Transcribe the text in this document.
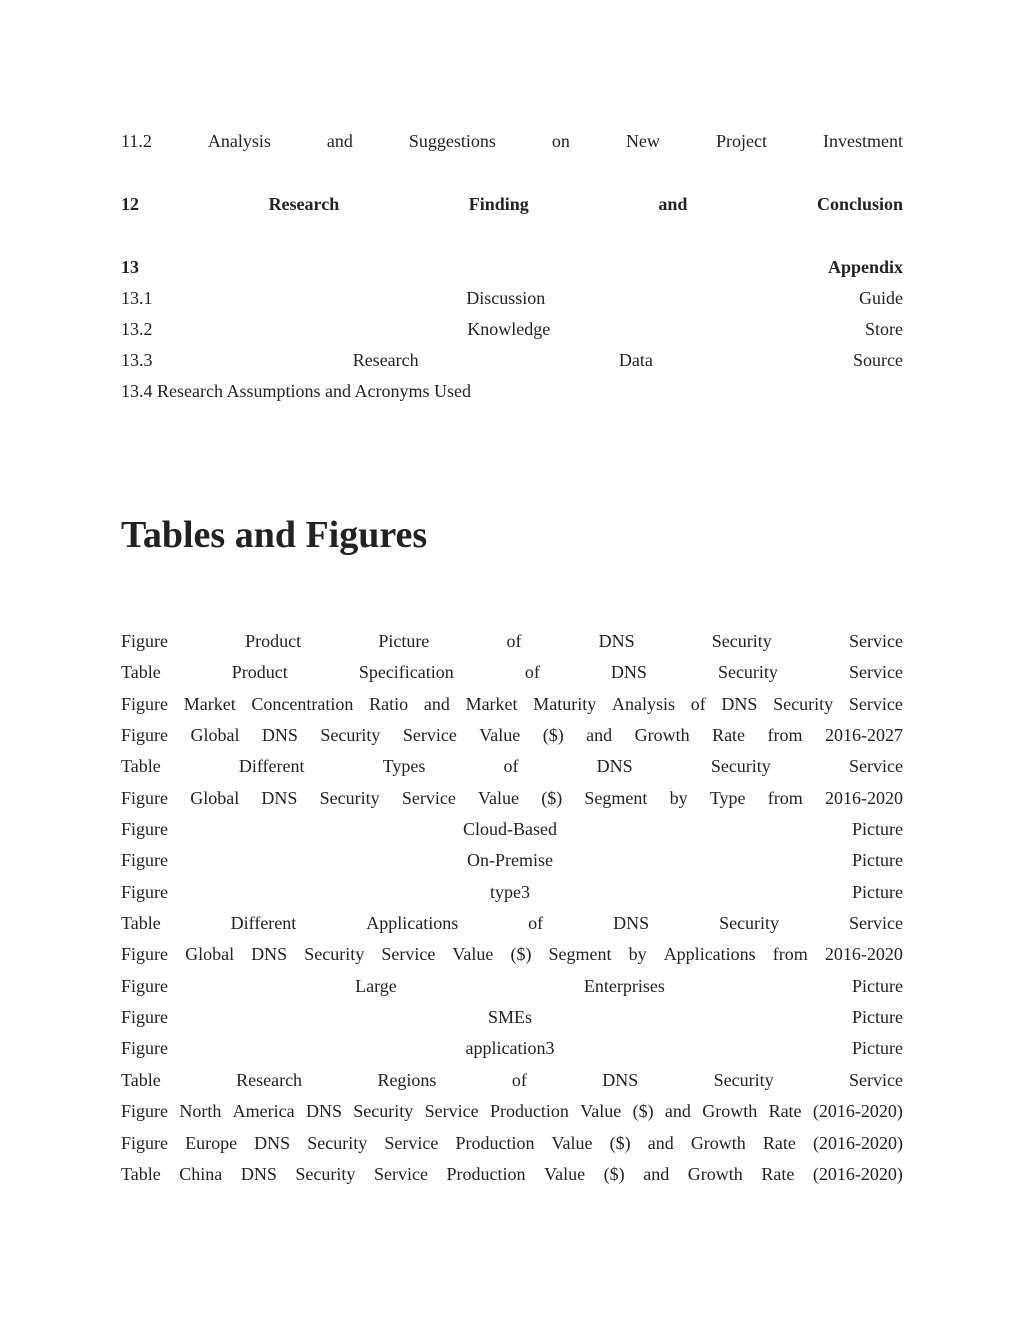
11.2	Analysis	and	Suggestions	on	New	Project	Investment
12	Research	Finding	and	Conclusion
13	Appendix
13.1	Discussion	Guide
13.2	Knowledge	Store
13.3	Research	Data	Source
13.4 Research Assumptions and Acronyms Used
Tables and Figures
Figure	Product	Picture	of	DNS	Security	Service
Table	Product	Specification	of	DNS	Security	Service
Figure Market Concentration Ratio and Market Maturity Analysis of DNS Security Service
Figure Global DNS Security Service Value ($) and Growth Rate from 2016-2027
Table	Different	Types	of	DNS	Security	Service
Figure Global DNS Security Service Value ($) Segment by Type from 2016-2020
Figure	Cloud-Based	Picture
Figure	On-Premise	Picture
Figure	type3	Picture
Table	Different	Applications	of	DNS	Security	Service
Figure Global DNS Security Service Value ($) Segment by Applications from 2016-2020
Figure	Large	Enterprises	Picture
Figure	SMEs	Picture
Figure	application3	Picture
Table	Research	Regions	of	DNS	Security	Service
Figure North America DNS Security Service Production Value ($) and Growth Rate (2016-2020)
Figure Europe DNS Security Service Production Value ($) and Growth Rate (2016-2020)
Table China DNS Security Service Production Value ($) and Growth Rate (2016-2020)
